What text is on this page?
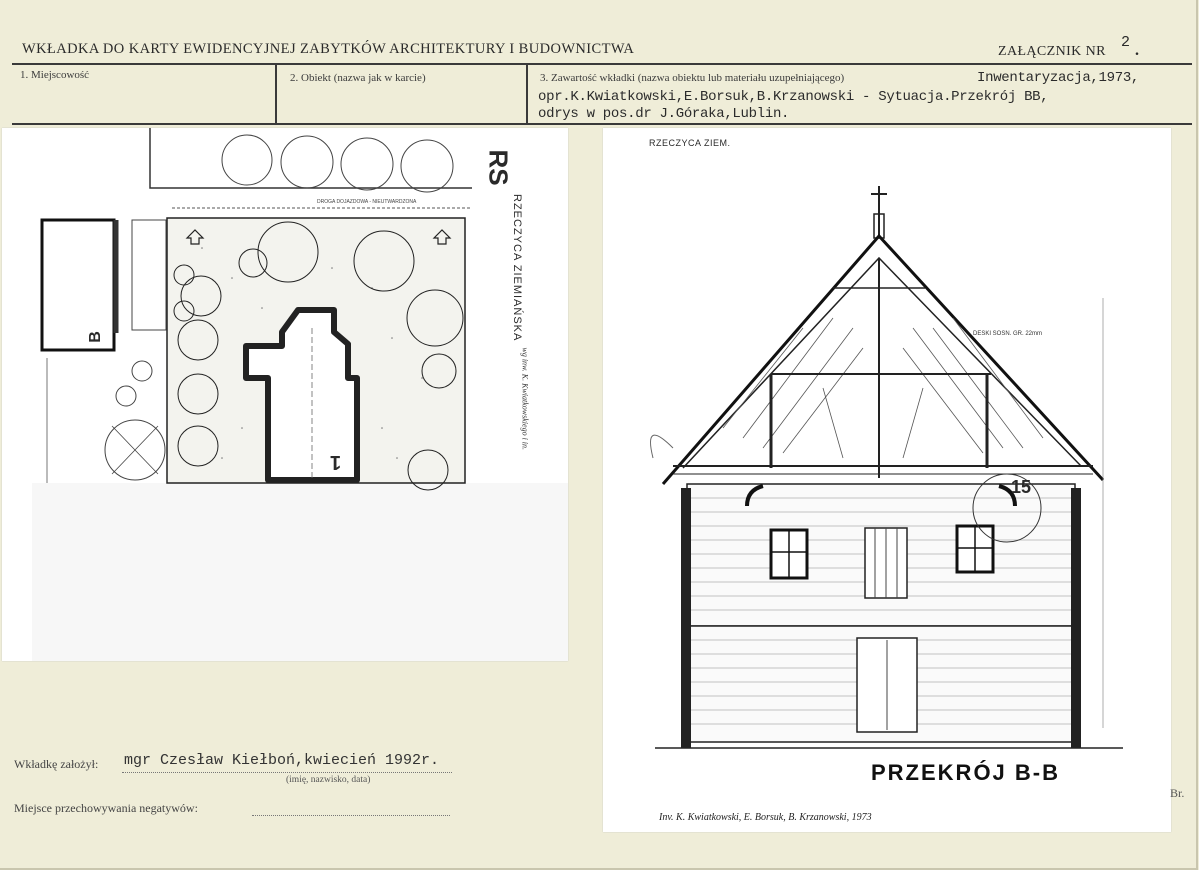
WKŁADKA DO KARTY EWIDENCYJNEJ ZABYTKÓW ARCHITEKTURY I BUDOWNICTWA	ZAŁĄCZNIK NR
2 .
1. Miejscowość	2. Obiekt (nazwa jak w karcie)	3. Zawartość wkładki (nazwa obiektu lub materiału uzupełniającego)	Inwentaryzacja,1973,
opr.K.Kwiatkowski,E.Borsuk,B.Krzanowski - Sytuacja.Przekrój BB,
odrys w pos.dr J.Góraka,Lublin.
B
1
RS
RZECZYCA ZIEMIAŃSKA
DROGA DOJAZDOWA - NIEUTWARDZONA
wg inw. K. Kwiatkowskiego i in.
RZECZYCA ZIEM.
15
DESKI SOSN. GR. 22mm
PRZEKRÓJ B-B
Inv. K. Kwiatkowski, E. Borsuk, B. Krzanowski, 1973
Br.
Wkładkę założył: mgr Czesław Kiełboń,kwiecień 1992r.
(imię, nazwisko, data)
Miejsce przechowywania negatywów:
